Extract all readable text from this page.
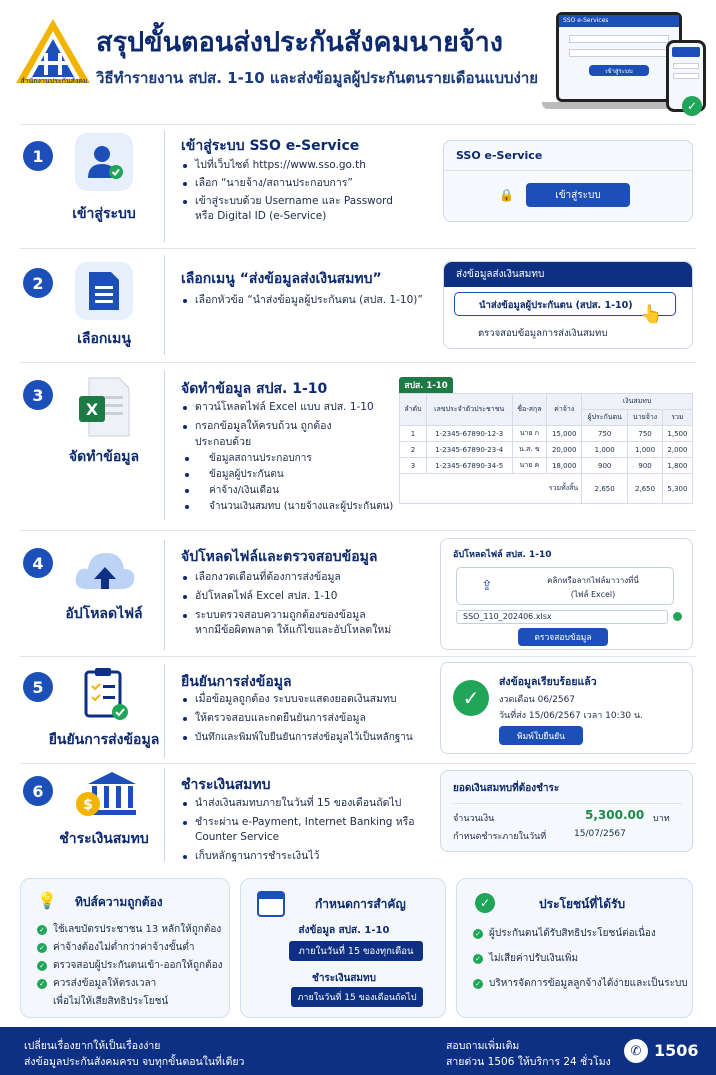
สำนักงานประกันสังคม
สรุปขั้นตอนส่งประกันสังคมนายจ้าง
วิธีทำรายงาน สปส. 1-10 และส่งข้อมูลผู้ประกันตนรายเดือนแบบง่าย
SSO e-Services
เข้าสู่ระบบ
✓
1
เข้าสู่ระบบ
เข้าสู่ระบบ SSO e-Service
ไปที่เว็บไซต์ https://www.sso.go.th
เลือก “นายจ้าง/สถานประกอบการ”
เข้าสู่ระบบด้วย Username และ Password
หรือ Digital ID (e-Service)
SSO e-Service
🔒	เข้าสู่ระบบ
2
เลือกเมนู
เลือกเมนู “ส่งข้อมูลส่งเงินสมทบ”
เลือกหัวข้อ “นำส่งข้อมูลผู้ประกันตน (สปส. 1-10)”
ส่งข้อมูลส่งเงินสมทบ
นำส่งข้อมูลผู้ประกันตน (สปส. 1-10)
ตรวจสอบข้อมูลการส่งเงินสมทบ
👆
3
X
จัดทำข้อมูล
จัดทำข้อมูล สปส. 1-10
ดาวน์โหลดไฟล์ Excel แบบ สปส. 1-10
กรอกข้อมูลให้ครบถ้วน ถูกต้อง
ประกอบด้วย
ข้อมูลสถานประกอบการ
ข้อมูลผู้ประกันตน
ค่าจ้าง/เงินเดือน
จำนวนเงินสมทบ (นายจ้างและผู้ประกันตน)
สปส. 1-10
ลำดับ	เลขประจำตัวประชาชน	ชื่อ-สกุล	ค่าจ้าง	เงินสมทบ		
				ผู้ประกันตน	นายจ้าง	รวม
1	1-2345-67890-12-3	นาย ก	15,000	750	750	1,500
2	1-2345-67890-23-4	น.ส. ข	20,000	1,000	1,000	2,000
3	1-2345-67890-34-5	นาย ค	18,000	900	900	1,800
รวมทั้งสิ้น				2,650	2,650	5,300
4
อัปโหลดไฟล์
จัปโหลดไฟล์และตรวจสอบข้อมูล
เลือกงวดเดือนที่ต้องการส่งข้อมูล
อัปโหลดไฟล์ Excel สปส. 1-10
ระบบตรวจสอบความถูกต้องของข้อมูล
หากมีข้อผิดพลาด ให้แก้ไขและอัปโหลดใหม่
อัปโหลดไฟล์ สปส. 1-10
⇪	คลิกหรือลากไฟล์มาวางที่นี่
(ไฟล์ Excel)
SSO_110_202406.xlsx
ตรวจสอบข้อมูล
5
ยืนยันการส่งข้อมูล
ยืนยันการส่งข้อมูล
เมื่อข้อมูลถูกต้อง ระบบจะแสดงยอดเงินสมทบ
ให้ตรวจสอบและกดยืนยันการส่งข้อมูล
บันทึกและพิมพ์ใบยืนยันการส่งข้อมูลไว้เป็นหลักฐาน
✓
ส่งข้อมูลเรียบร้อยแล้ว
งวดเดือน 06/2567
วันที่ส่ง 15/06/2567 เวลา 10:30 น.
พิมพ์ใบยืนยัน
6
$
ชำระเงินสมทบ
ชำระเงินสมทบ
นำส่งเงินสมทบภายในวันที่ 15 ของเดือนถัดไป
ชำระผ่าน e-Payment, Internet Banking หรือ
Counter Service
เก็บหลักฐานการชำระเงินไว้
ยอดเงินสมทบที่ต้องชำระ
จำนวนเงิน	5,300.00 บาท
กำหนดชำระภายในวันที่	15/07/2567
💡 ทิปส์ความถูกต้อง
✓ ใช้เลขบัตรประชาชน 13 หลักให้ถูกต้อง
✓ ค่าจ้างต้องไม่ต่ำกว่าค่าจ้างขั้นต่ำ
✓ ตรวจสอบผู้ประกันตนเข้า-ออกให้ถูกต้อง
✓ ควรส่งข้อมูลให้ตรงเวลา
เพื่อไม่ให้เสียสิทธิประโยชน์
กำหนดการสำคัญ
ส่งข้อมูล สปส. 1-10
ภายในวันที่ 15 ของทุกเดือน
ชำระเงินสมทบ
ภายในวันที่ 15 ของเดือนถัดไป
✓	ประโยชน์ที่ได้รับ
✓ ผู้ประกันตนได้รับสิทธิประโยชน์ต่อเนื่อง
✓ ไม่เสียค่าปรับเงินเพิ่ม
✓ บริหารจัดการข้อมูลลูกจ้างได้ง่ายและเป็นระบบ
เปลี่ยนเรื่องยากให้เป็นเรื่องง่าย
ส่งข้อมูลประกันสังคมครบ จบทุกขั้นตอนในที่เดียว
สอบถามเพิ่มเติม
สายด่วน 1506 ให้บริการ 24 ชั่วโมง
✆ 1506
